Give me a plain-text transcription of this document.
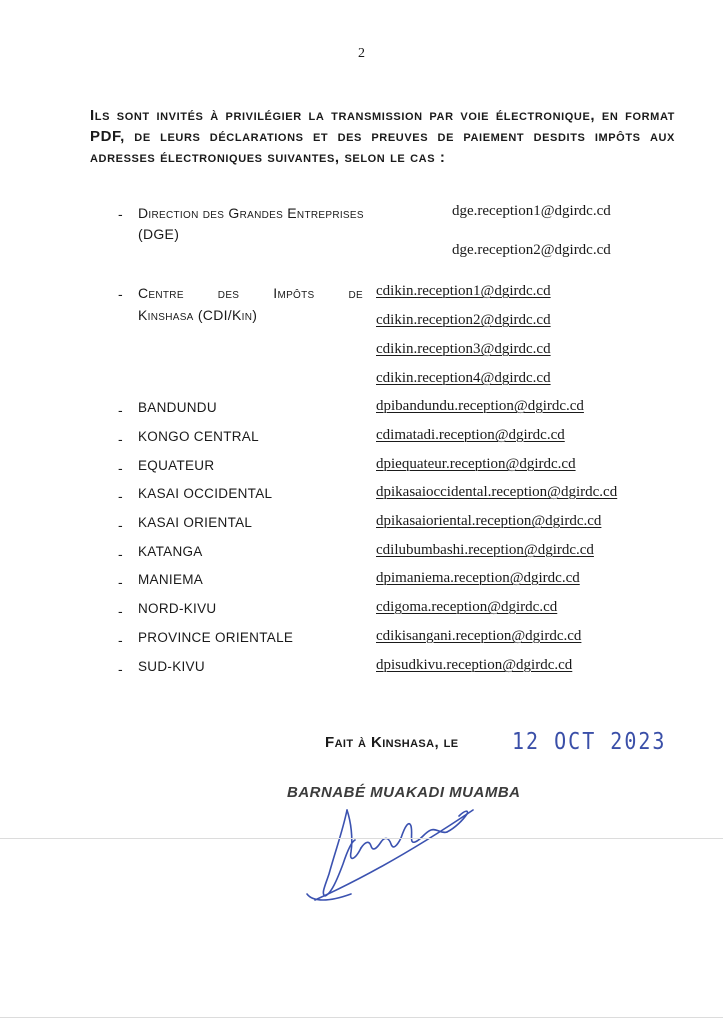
2
Ils sont invités à privilégier la transmission par voie électronique, en format PDF, de leurs déclarations et des preuves de paiement desdits impôts aux adresses électroniques suivantes, selon le cas :
- Direction des Grandes Entreprises
(DGE)
dge.reception1@dgirdc.cd
dge.reception2@dgirdc.cd
- Centre des Impôts de
Kinshasa (CDI/Kin)
cdikin.reception1@dgirdc.cd
cdikin.reception2@dgirdc.cd
cdikin.reception3@dgirdc.cd
cdikin.reception4@dgirdc.cd
- BANDUNDU	dpibandundu.reception@dgirdc.cd
- KONGO CENTRAL	cdimatadi.reception@dgirdc.cd
- EQUATEUR	dpiequateur.reception@dgirdc.cd
- KASAI OCCIDENTAL	dpikasaioccidental.reception@dgirdc.cd
- KASAI ORIENTAL	dpikasaioriental.reception@dgirdc.cd
- KATANGA	cdilubumbashi.reception@dgirdc.cd
- MANIEMA	dpimaniema.reception@dgirdc.cd
- NORD-KIVU	cdigoma.reception@dgirdc.cd
- PROVINCE ORIENTALE	cdikisangani.reception@dgirdc.cd
- SUD-KIVU	dpisudkivu.reception@dgirdc.cd
Fait à Kinshasa, le	12 OCT 2023
BARNABÉ MUAKADI MUAMBA
